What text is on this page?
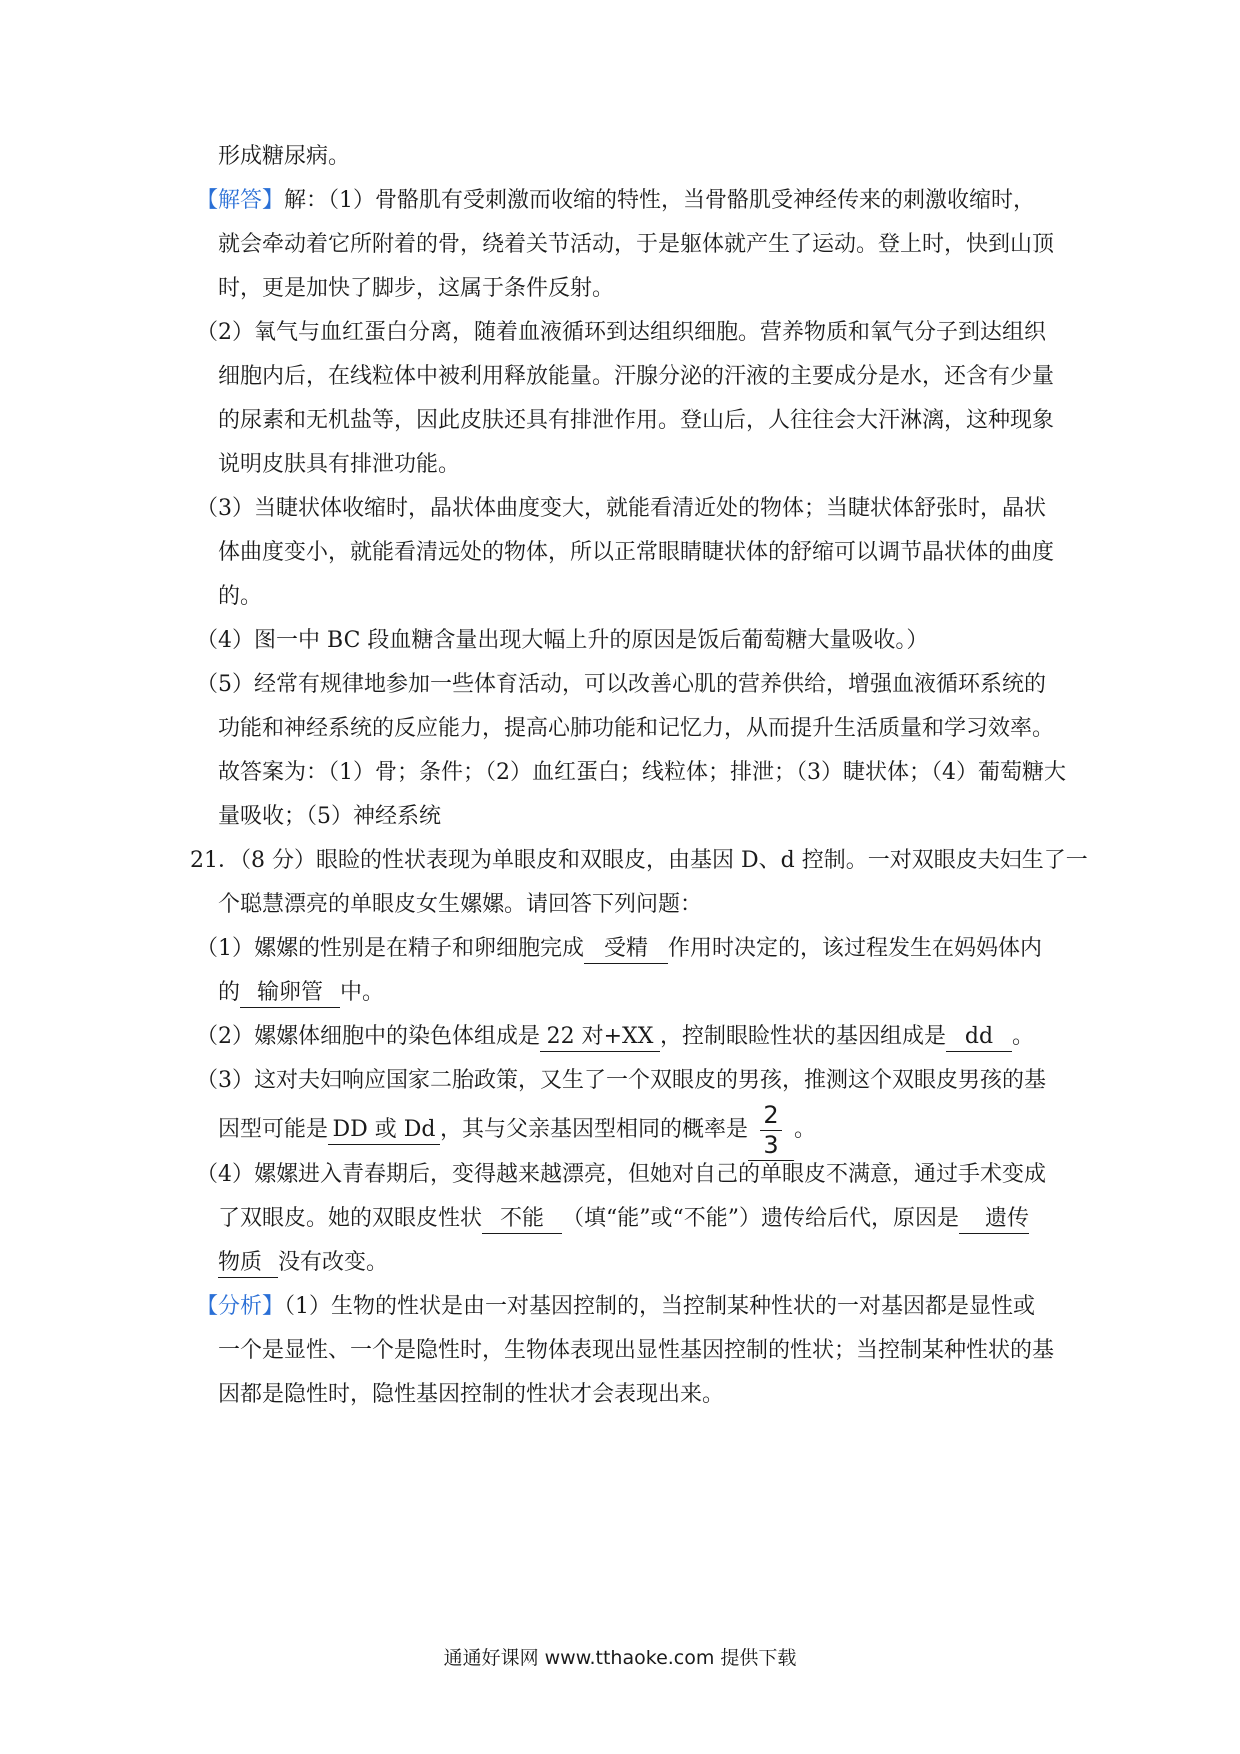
形成糖尿病。
【解答】解：（1）骨骼肌有受刺激而收缩的特性，当骨骼肌受神经传来的刺激收缩时，
就会牵动着它所附着的骨，绕着关节活动，于是躯体就产生了运动。登上时，快到山顶
时，更是加快了脚步，这属于条件反射。
（2）氧气与血红蛋白分离，随着血液循环到达组织细胞。营养物质和氧气分子到达组织
细胞内后，在线粒体中被利用释放能量。汗腺分泌的汗液的主要成分是水，还含有少量
的尿素和无机盐等，因此皮肤还具有排泄作用。登山后，人往往会大汗淋漓，这种现象
说明皮肤具有排泄功能。
（3）当睫状体收缩时，晶状体曲度变大，就能看清近处的物体；当睫状体舒张时，晶状
体曲度变小，就能看清远处的物体，所以正常眼睛睫状体的舒缩可以调节晶状体的曲度
的。
（4）图一中 BC 段血糖含量出现大幅上升的原因是饭后葡萄糖大量吸收。）
（5）经常有规律地参加一些体育活动，可以改善心肌的营养供给，增强血液循环系统的
功能和神经系统的反应能力，提高心肺功能和记忆力，从而提升生活质量和学习效率。
故答案为：（1）骨；条件；（2）血红蛋白；线粒体；排泄；（3）睫状体；（4）葡萄糖大
量吸收；（5）神经系统
21．（8 分）眼睑的性状表现为单眼皮和双眼皮，由基因 D、d 控制。一对双眼皮夫妇生了一
个聪慧漂亮的单眼皮女生嫘嫘。请回答下列问题：
（1）嫘嫘的性别是在精子和卵细胞完成 受精 作用时决定的，该过程发生在妈妈体内
的 输卵管 中。
（2）嫘嫘体细胞中的染色体组成是 22 对+XX ，控制眼睑性状的基因组成是 dd 。
（3）这对夫妇响应国家二胎政策，又生了一个双眼皮的男孩，推测这个双眼皮男孩的基
因型可能是 DD 或 Dd ，其与父亲基因型相同的概率是 $\frac{2}{3}$ 。
（4）嫘嫘进入青春期后，变得越来越漂亮，但她对自己的单眼皮不满意，通过手术变成
了双眼皮。她的双眼皮性状 不能 （填“能”或“不能”）遗传给后代，原因是 遗传
物质 没有改变。
【分析】（1）生物的性状是由一对基因控制的，当控制某种性状的一对基因都是显性或
一个是显性、一个是隐性时，生物体表现出显性基因控制的性状；当控制某种性状的基
因都是隐性时，隐性基因控制的性状才会表现出来。
通通好课网 www.tthaoke.com 提供下载
